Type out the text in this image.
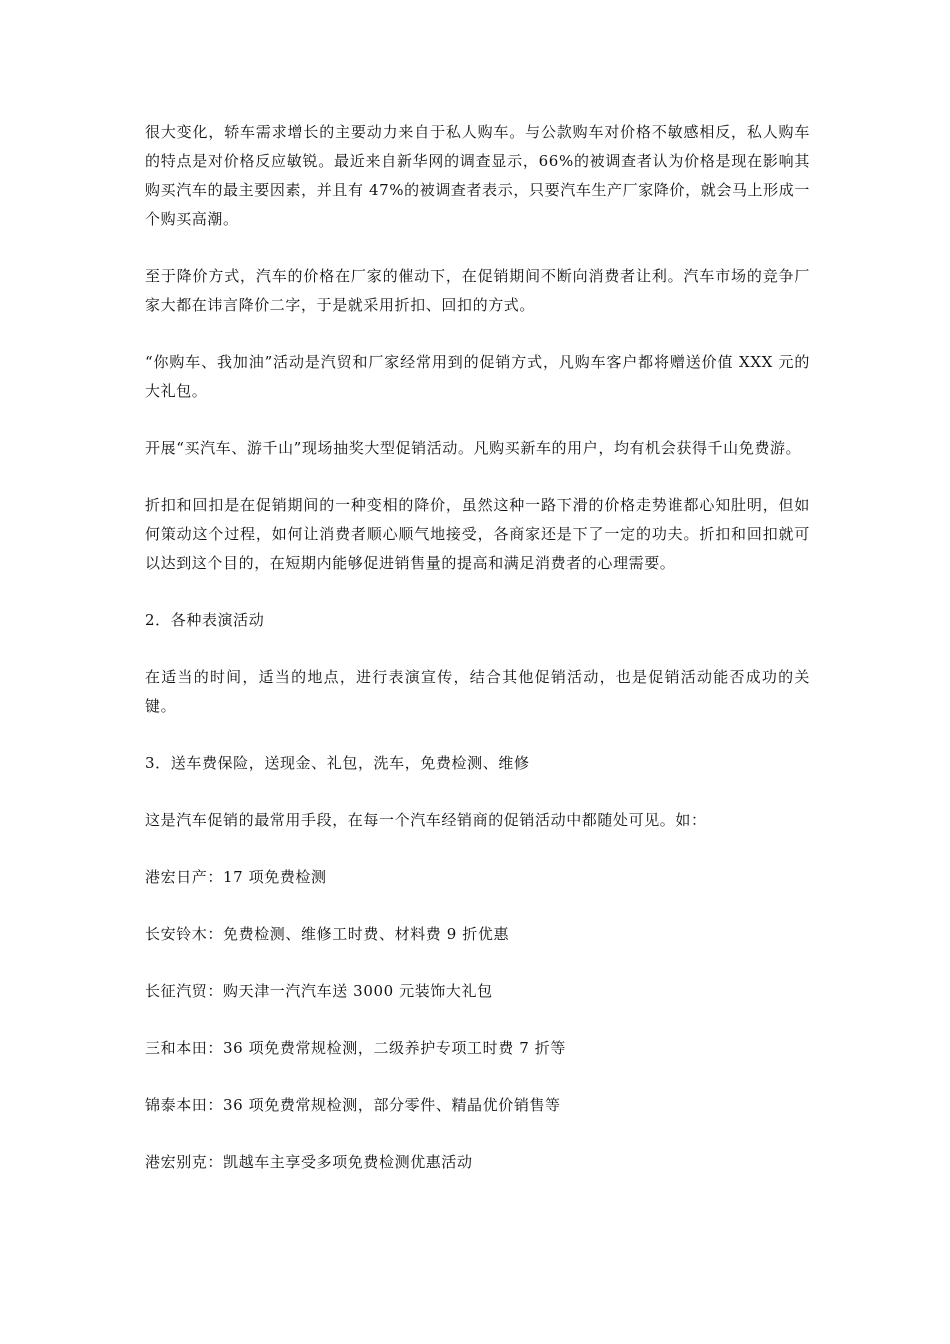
很大变化，轿车需求增长的主要动力来自于私人购车。与公款购车对价格不敏感相反，私人购车的特点是对价格反应敏锐。最近来自新华网的调查显示，66%的被调查者认为价格是现在影响其购买汽车的最主要因素，并且有 47%的被调查者表示，只要汽车生产厂家降价，就会马上形成一个购买高潮。

至于降价方式，汽车的价格在厂家的催动下，在促销期间不断向消费者让利。汽车市场的竞争厂家大都在讳言降价二字，于是就采用折扣、回扣的方式。

“你购车、我加油”活动是汽贸和厂家经常用到的促销方式，凡购车客户都将赠送价值 XXX 元的大礼包。

开展“买汽车、游千山”现场抽奖大型促销活动。凡购买新车的用户，均有机会获得千山免费游。

折扣和回扣是在促销期间的一种变相的降价，虽然这种一路下滑的价格走势谁都心知肚明，但如何策动这个过程，如何让消费者顺心顺气地接受，各商家还是下了一定的功夫。折扣和回扣就可以达到这个目的，在短期内能够促进销售量的提高和满足消费者的心理需要。

2．各种表演活动

在适当的时间，适当的地点，进行表演宣传，结合其他促销活动，也是促销活动能否成功的关键。

3．送车费保险，送现金、礼包，洗车，免费检测、维修

这是汽车促销的最常用手段，在每一个汽车经销商的促销活动中都随处可见。如：

港宏日产：17 项免费检测

长安铃木：免费检测、维修工时费、材料费 9 折优惠

长征汽贸：购天津一汽汽车送 3000 元装饰大礼包

三和本田：36 项免费常规检测，二级养护专项工时费 7 折等

锦泰本田：36 项免费常规检测，部分零件、精晶优价销售等

港宏别克：凯越车主享受多项免费检测优惠活动
